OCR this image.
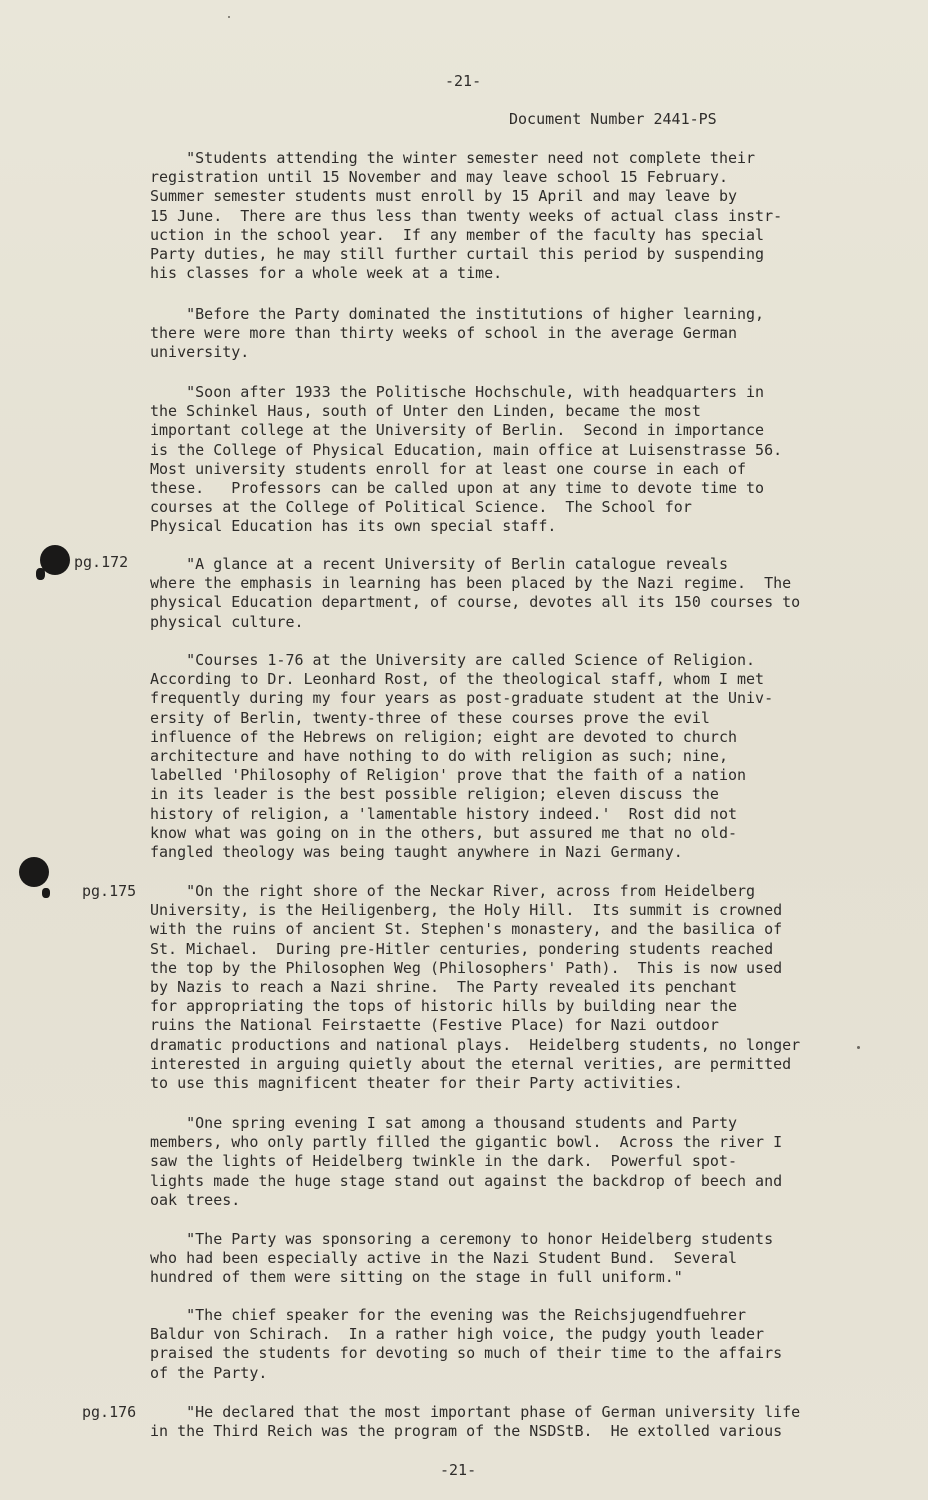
-21-
Document Number 2441-PS
"Students attending the winter semester need not complete their
registration until 15 November and may leave school 15 February.
Summer semester students must enroll by 15 April and may leave by
15 June.  There are thus less than twenty weeks of actual class instr-
uction in the school year.  If any member of the faculty has special
Party duties, he may still further curtail this period by suspending
his classes for a whole week at a time.
"Before the Party dominated the institutions of higher learning,
there were more than thirty weeks of school in the average German
university.
"Soon after 1933 the Politische Hochschule, with headquarters in
the Schinkel Haus, south of Unter den Linden, became the most
important college at the University of Berlin.  Second in importance
is the College of Physical Education, main office at Luisenstrasse 56.
Most university students enroll for at least one course in each of
these.   Professors can be called upon at any time to devote time to
courses at the College of Political Science.  The School for
Physical Education has its own special staff.
pg.172	"A glance at a recent University of Berlin catalogue reveals
where the emphasis in learning has been placed by the Nazi regime.  The
physical Education department, of course, devotes all its 150 courses to
physical culture.
"Courses 1-76 at the University are called Science of Religion.
According to Dr. Leonhard Rost, of the theological staff, whom I met
frequently during my four years as post-graduate student at the Univ-
ersity of Berlin, twenty-three of these courses prove the evil
influence of the Hebrews on religion; eight are devoted to church
architecture and have nothing to do with religion as such; nine,
labelled 'Philosophy of Religion' prove that the faith of a nation
in its leader is the best possible religion; eleven discuss the
history of religion, a 'lamentable history indeed.'  Rost did not
know what was going on in the others, but assured me that no old-
fangled theology was being taught anywhere in Nazi Germany.
pg.175	"On the right shore of the Neckar River, across from Heidelberg
University, is the Heiligenberg, the Holy Hill.  Its summit is crowned
with the ruins of ancient St. Stephen's monastery, and the basilica of
St. Michael.  During pre-Hitler centuries, pondering students reached
the top by the Philosophen Weg (Philosophers' Path).  This is now used
by Nazis to reach a Nazi shrine.  The Party revealed its penchant
for appropriating the tops of historic hills by building near the
ruins the National Feirstaette (Festive Place) for Nazi outdoor
dramatic productions and national plays.  Heidelberg students, no longer
interested in arguing quietly about the eternal verities, are permitted
to use this magnificent theater for their Party activities.
"One spring evening I sat among a thousand students and Party
members, who only partly filled the gigantic bowl.  Across the river I
saw the lights of Heidelberg twinkle in the dark.  Powerful spot-
lights made the huge stage stand out against the backdrop of beech and
oak trees.
"The Party was sponsoring a ceremony to honor Heidelberg students
who had been especially active in the Nazi Student Bund.  Several
hundred of them were sitting on the stage in full uniform."
"The chief speaker for the evening was the Reichsjugendfuehrer
Baldur von Schirach.  In a rather high voice, the pudgy youth leader
praised the students for devoting so much of their time to the affairs
of the Party.
pg.176	"He declared that the most important phase of German university life
in the Third Reich was the program of the NSDStB.  He extolled various
-21-
